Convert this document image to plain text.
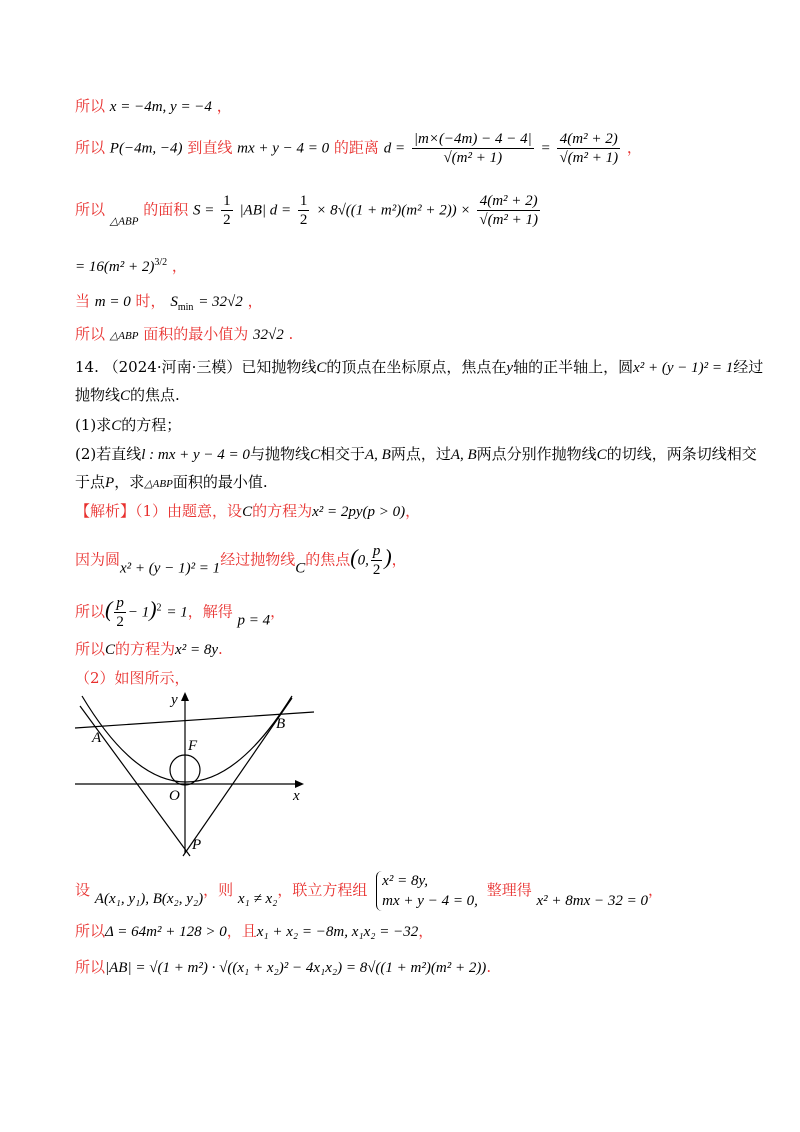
所以 x = −4m, y = −4 ，
所以 P(−4m, −4) 到直线 mx + y − 4 = 0 的距离 $d = \frac{|m\times(-4m) - 4 - 4|}{\text{√(m² + 1)}} = \frac{\text{4(m² + 2)}}{\text{√(m² + 1)}}$ ，
所以 $_{\triangle ABP}$ 的面积 $S = \frac{1}{2} |AB|$ $d = \frac{1}{2} \times 8√((1 + m^2)(m^2 + 2)) \times \frac{\text{4(m² + 2)}}{\text{√(m² + 1)}}$
= $16(m^2 + 2)^{3/2}$ ，
当 m = 0 时， $S_{min} = 32√2$ ，
所以 △ABP 面积的最小值为 32√2 .
14. （2024·河南·三模）已知抛物线C的顶点在坐标原点，焦点在y轴的正半轴上，圆x² + (y − 1)² = 1经过
抛物线C的焦点.
(1)求C的方程；
(2)若直线l : mx + y − 4 = 0与抛物线C相交于A, B两点，过A, B两点分别作抛物线C的切线，两条切线相交
于点P，求△ABP面积的最小值.
【解析】（1）由题意，设C的方程为x² = 2py(p > 0)，
因为圆x² + (y − 1)² = 1经过抛物线C的焦点(0, $\frac{p}{2}$ )，
所以( $\frac{p}{2} - 1)^2 = 1$，解得 p = 4，
所以C的方程为x² = 8y.
（2）如图所示，
y
x
A
B
F
O
P
设 A(x₁, y₁), B(x₂, y₂)，则 x₁ ≠ x₂，联立方程组 x² = 8y,
mx + y − 4 = 0,
整理得 x² + 8mx − 32 = 0，
所以Δ = 64m² + 128 > 0，且x₁ + x₂ = −8m, x₁x₂ = −32，
所以|AB| = √(1 + m²) · √((x₁ + x₂)² − 4x₁x₂) = 8√((1 + m²)(m² + 2)).
